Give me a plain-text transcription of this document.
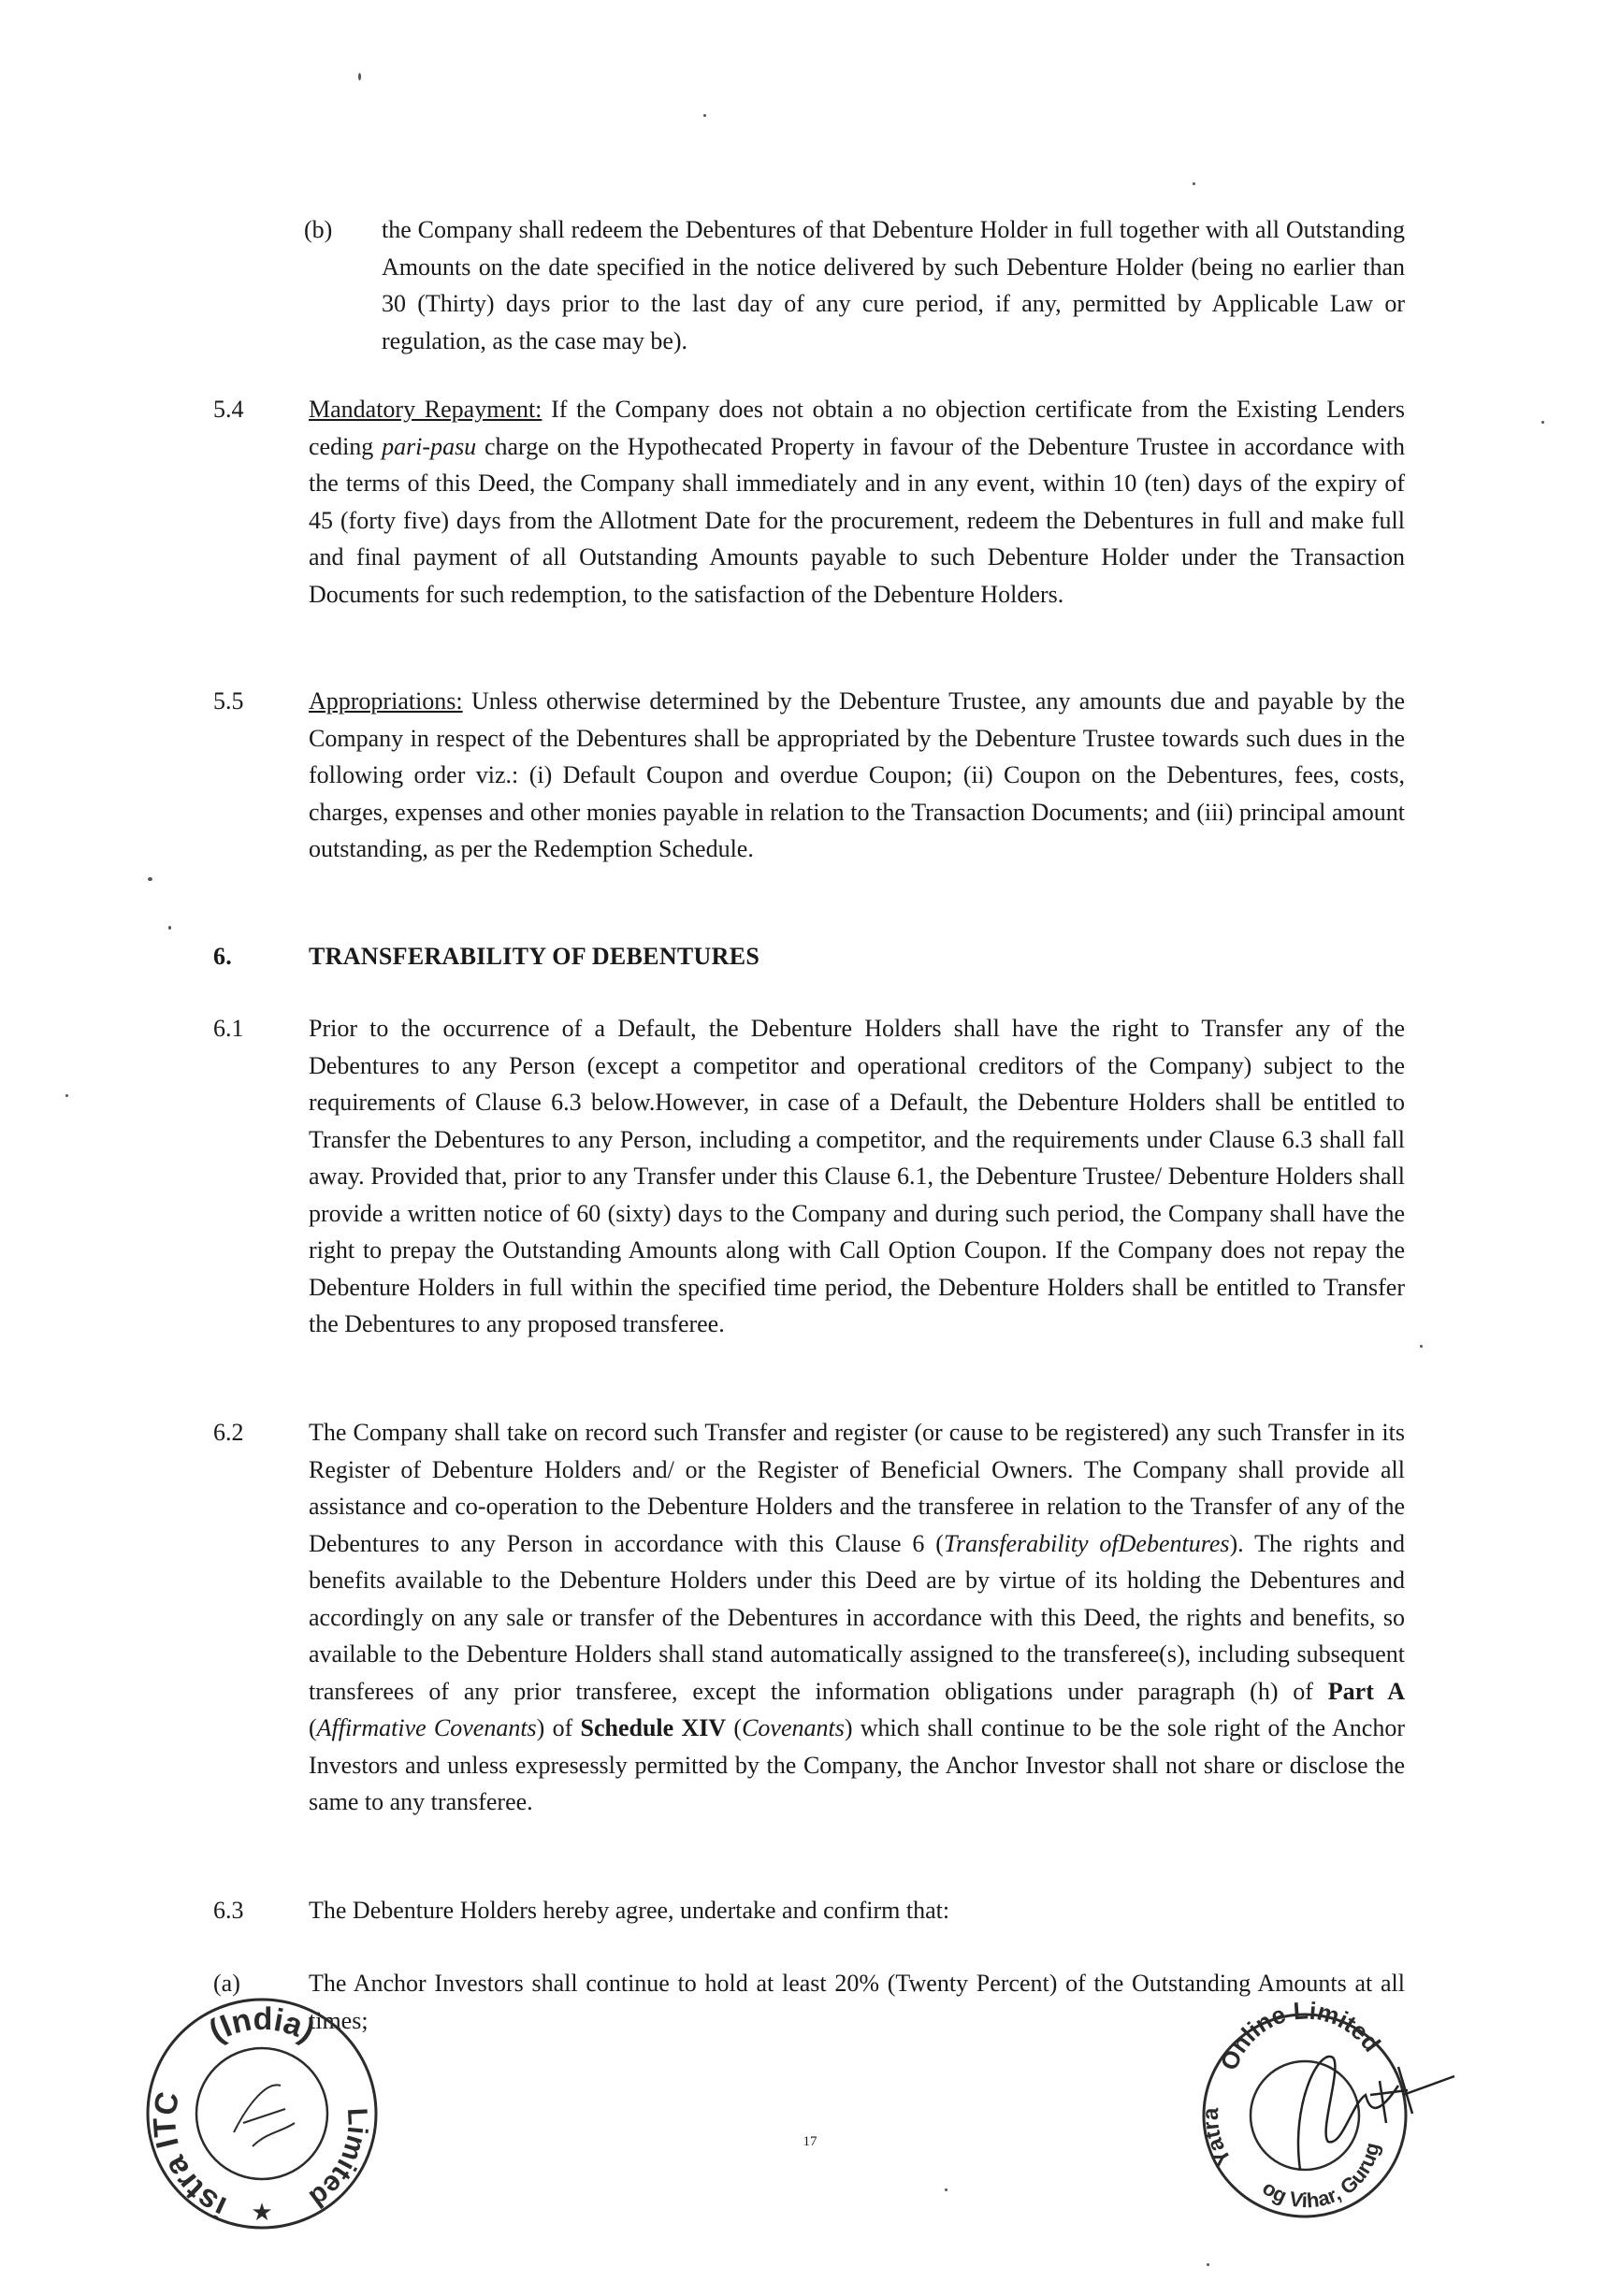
(b) the Company shall redeem the Debentures of that Debenture Holder in full together with all Outstanding Amounts on the date specified in the notice delivered by such Debenture Holder (being no earlier than 30 (Thirty) days prior to the last day of any cure period, if any, permitted by Applicable Law or regulation, as the case may be).

5.4	Mandatory Repayment: If the Company does not obtain a no objection certificate from the Existing Lenders ceding pari-pasu charge on the Hypothecated Property in favour of the Debenture Trustee in accordance with the terms of this Deed, the Company shall immediately and in any event, within 10 (ten) days of the expiry of 45 (forty five) days from the Allotment Date for the procurement, redeem the Debentures in full and make full and final payment of all Outstanding Amounts payable to such Debenture Holder under the Transaction Documents for such redemption, to the satisfaction of the Debenture Holders.

5.5	Appropriations: Unless otherwise determined by the Debenture Trustee, any amounts due and payable by the Company in respect of the Debentures shall be appropriated by the Debenture Trustee towards such dues in the following order viz.: (i) Default Coupon and overdue Coupon; (ii) Coupon on the Debentures, fees, costs, charges, expenses and other monies payable in relation to the Transaction Documents; and (iii) principal amount outstanding, as per the Redemption Schedule.

6.	TRANSFERABILITY OF DEBENTURES

6.1	Prior to the occurrence of a Default, the Debenture Holders shall have the right to Transfer any of the Debentures to any Person (except a competitor and operational creditors of the Company) subject to the requirements of Clause 6.3 below.However, in case of a Default, the Debenture Holders shall be entitled to Transfer the Debentures to any Person, including a competitor, and the requirements under Clause 6.3 shall fall away. Provided that, prior to any Transfer under this Clause 6.1, the Debenture Trustee/ Debenture Holders shall provide a written notice of 60 (sixty) days to the Company and during such period, the Company shall have the right to prepay the Outstanding Amounts along with Call Option Coupon. If the Company does not repay the Debenture Holders in full within the specified time period, the Debenture Holders shall be entitled to Transfer the Debentures to any proposed transferee.

6.2	The Company shall take on record such Transfer and register (or cause to be registered) any such Transfer in its Register of Debenture Holders and/ or the Register of Beneficial Owners. The Company shall provide all assistance and co-operation to the Debenture Holders and the transferee in relation to the Transfer of any of the Debentures to any Person in accordance with this Clause 6 (Transferability ofDebentures). The rights and benefits available to the Debenture Holders under this Deed are by virtue of its holding the Debentures and accordingly on any sale or transfer of the Debentures in accordance with this Deed, the rights and benefits, so available to the Debenture Holders shall stand automatically assigned to the transferee(s), including subsequent transferees of any prior transferee, except the information obligations under paragraph (h) of Part A (Affirmative Covenants) of Schedule XIV (Covenants) which shall continue to be the sole right of the Anchor Investors and unless expresessly permitted by the Company, the Anchor Investor shall not share or disclose the same to any transferee.

6.3	The Debenture Holders hereby agree, undertake and confirm that:

(a)	The Anchor Investors shall continue to hold at least 20% (Twenty Percent) of the Outstanding Amounts at all times;

17
(India)
istra ITC	Limited
★
Online Limited
Yatra
og Vihar, Gurug
